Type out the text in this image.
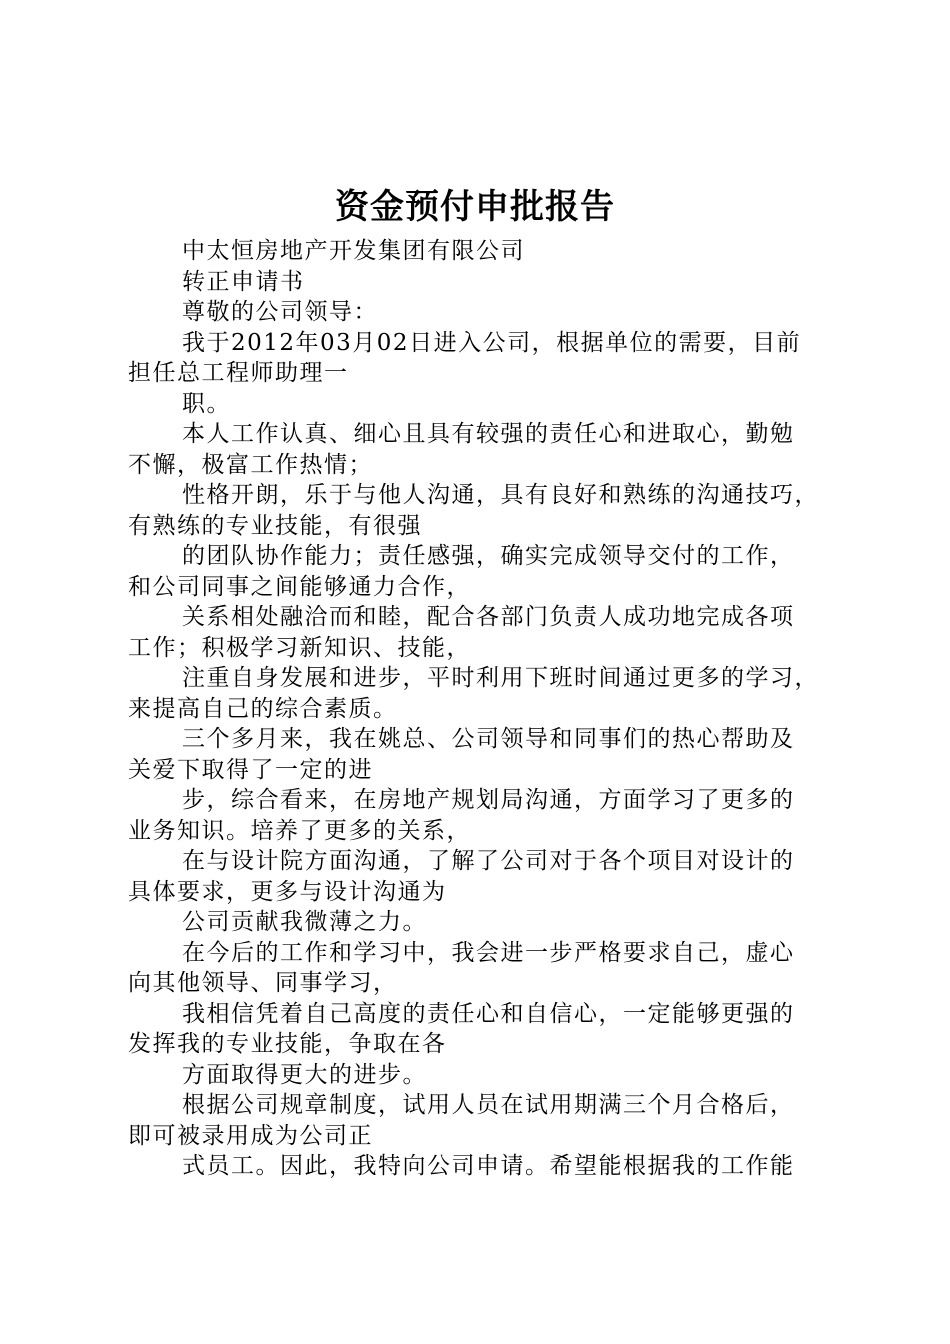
资金预付申批报告

中太恒房地产开发集团有限公司

转正申请书

尊敬的公司领导：

我于2012年03月02日进入公司，根据单位的需要，目前

担任总工程师助理一

职。

本人工作认真、细心且具有较强的责任心和进取心，勤勉

不懈，极富工作热情；

性格开朗，乐于与他人沟通，具有良好和熟练的沟通技巧，

有熟练的专业技能，有很强

的团队协作能力；责任感强，确实完成领导交付的工作，

和公司同事之间能够通力合作，

关系相处融洽而和睦，配合各部门负责人成功地完成各项

工作；积极学习新知识、技能，

注重自身发展和进步，平时利用下班时间通过更多的学习，

来提高自己的综合素质。

三个多月来，我在姚总、公司领导和同事们的热心帮助及

关爱下取得了一定的进

步，综合看来，在房地产规划局沟通，方面学习了更多的

业务知识。培养了更多的关系，

在与设计院方面沟通，了解了公司对于各个项目对设计的

具体要求，更多与设计沟通为

公司贡献我微薄之力。

在今后的工作和学习中，我会进一步严格要求自己，虚心

向其他领导、同事学习，

我相信凭着自己高度的责任心和自信心，一定能够更强的

发挥我的专业技能，争取在各

方面取得更大的进步。

根据公司规章制度，试用人员在试用期满三个月合格后，

即可被录用成为公司正

式员工。因此，我特向公司申请。希望能根据我的工作能
